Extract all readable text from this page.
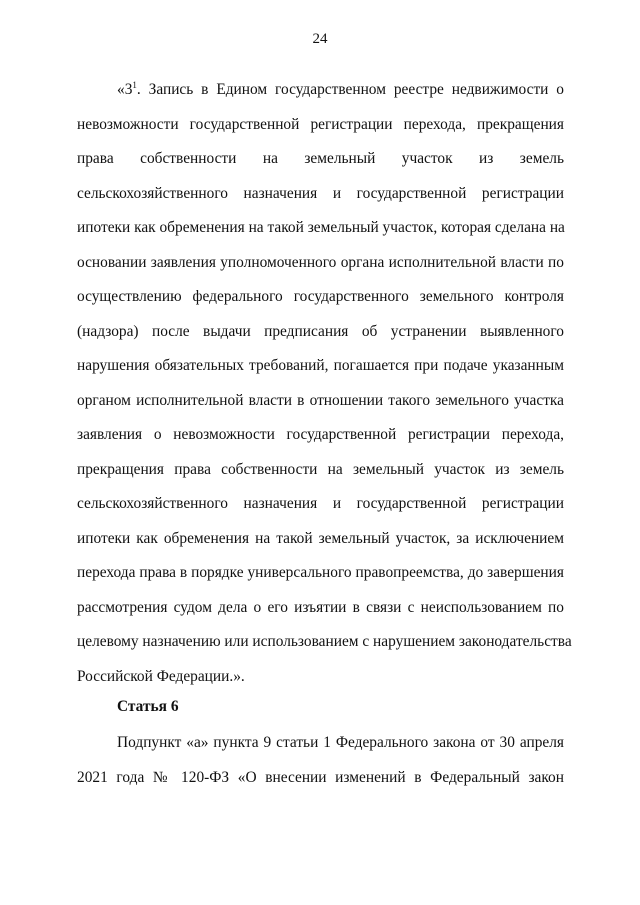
24
«$3^1$. Запись в Едином государственном реестре недвижимости о
невозможности государственной регистрации перехода, прекращения
права собственности на земельный участок из земель
сельскохозяйственного назначения и государственной регистрации
ипотеки как обременения на такой земельный участок, которая сделана на
основании заявления уполномоченного органа исполнительной власти по
осуществлению федерального государственного земельного контроля
(надзора) после выдачи предписания об устранении выявленного
нарушения обязательных требований, погашается при подаче указанным
органом исполнительной власти в отношении такого земельного участка
заявления о невозможности государственной регистрации перехода,
прекращения права собственности на земельный участок из земель
сельскохозяйственного назначения и государственной регистрации
ипотеки как обременения на такой земельный участок, за исключением
перехода права в порядке универсального правопреемства, до завершения
рассмотрения судом дела о его изъятии в связи с неиспользованием по
целевому назначению или использованием с нарушением законодательства
Российской Федерации.».
Статья 6
Подпункт «а» пункта 9 статьи 1 Федерального закона от 30 апреля
2021 года № 120-ФЗ «О внесении изменений в Федеральный закон
